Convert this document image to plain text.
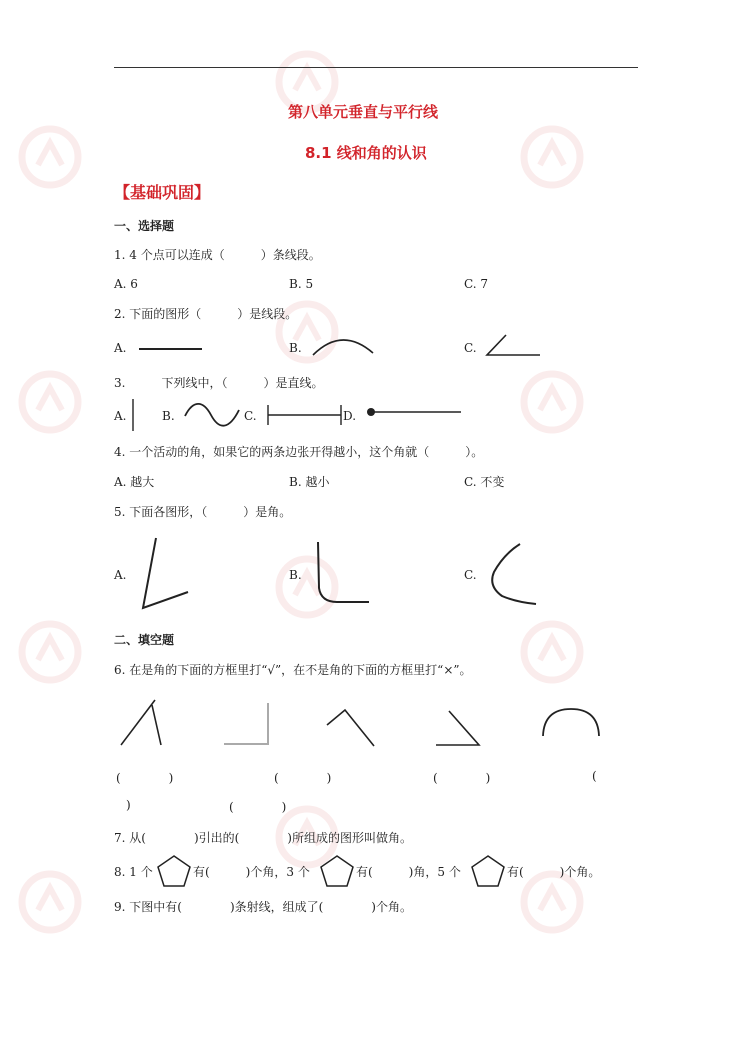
第八单元垂直与平行线
8.1 线和角的认识
【基础巩固】
一、选择题
1. 4 个点可以连成（　　　）条线段。
A. 6	B. 5	C. 7
2. 下面的图形（　　　）是线段。
A.	B.	C.
3.　　　下列线中，（　　　）是直线。
A.	B.	C.	D.
4. 一个活动的角，如果它的两条边张开得越小，这个角就（　　　）。
A. 越大	B. 越小	C. 不变
5. 下面各图形，（　　　）是角。
A.	B.	C.
二、填空题
6. 在是角的下面的方框里打“√”，在不是角的下面的方框里打“×”。
(　　　　)	(　　　　)	(　　　　)	(
)	(　　　　)
7. 从(　　　　)引出的(　　　　)所组成的图形叫做角。
8. 1 个	有(　　　)个角，3 个	有(　　　)角，5 个	有(　　　)个角。
9. 下图中有(　　　　)条射线，组成了(　　　　)个角。
